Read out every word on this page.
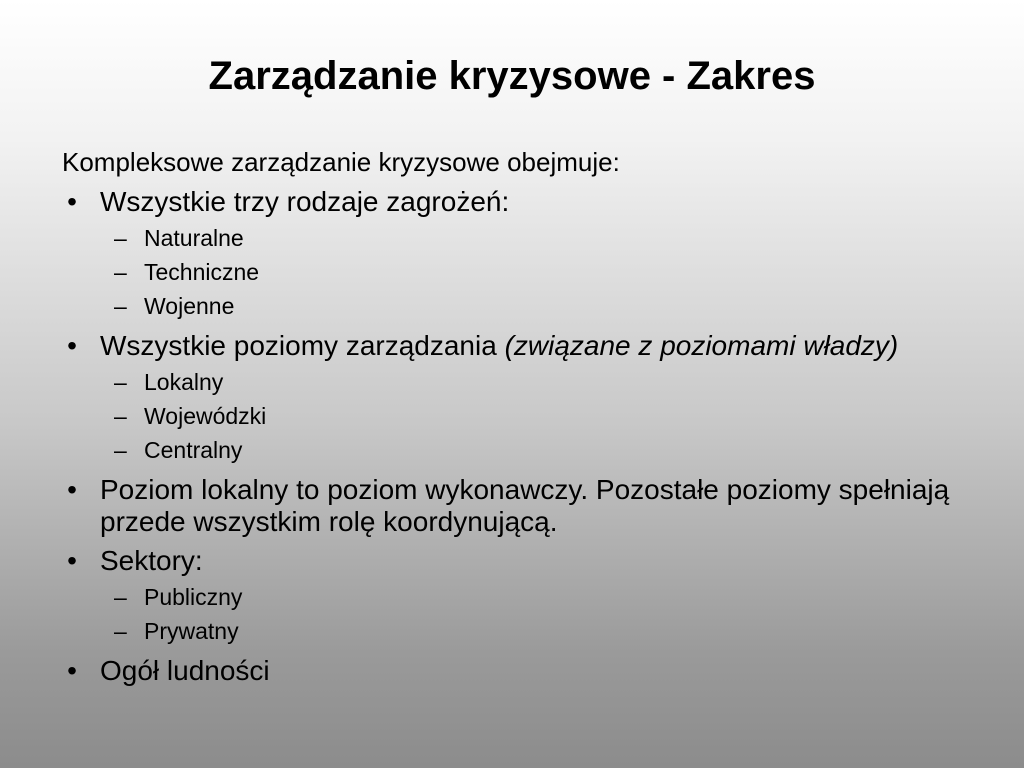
Zarządzanie kryzysowe - Zakres
Kompleksowe zarządzanie kryzysowe obejmuje:
• Wszystkie trzy rodzaje zagrożeń:
– Naturalne
– Techniczne
– Wojenne
• Wszystkie poziomy zarządzania (związane z poziomami władzy)
– Lokalny
– Wojewódzki
– Centralny
• Poziom lokalny to poziom wykonawczy. Pozostałe poziomy spełniają przede wszystkim rolę koordynującą.
• Sektory:
– Publiczny
– Prywatny
• Ogół ludności
